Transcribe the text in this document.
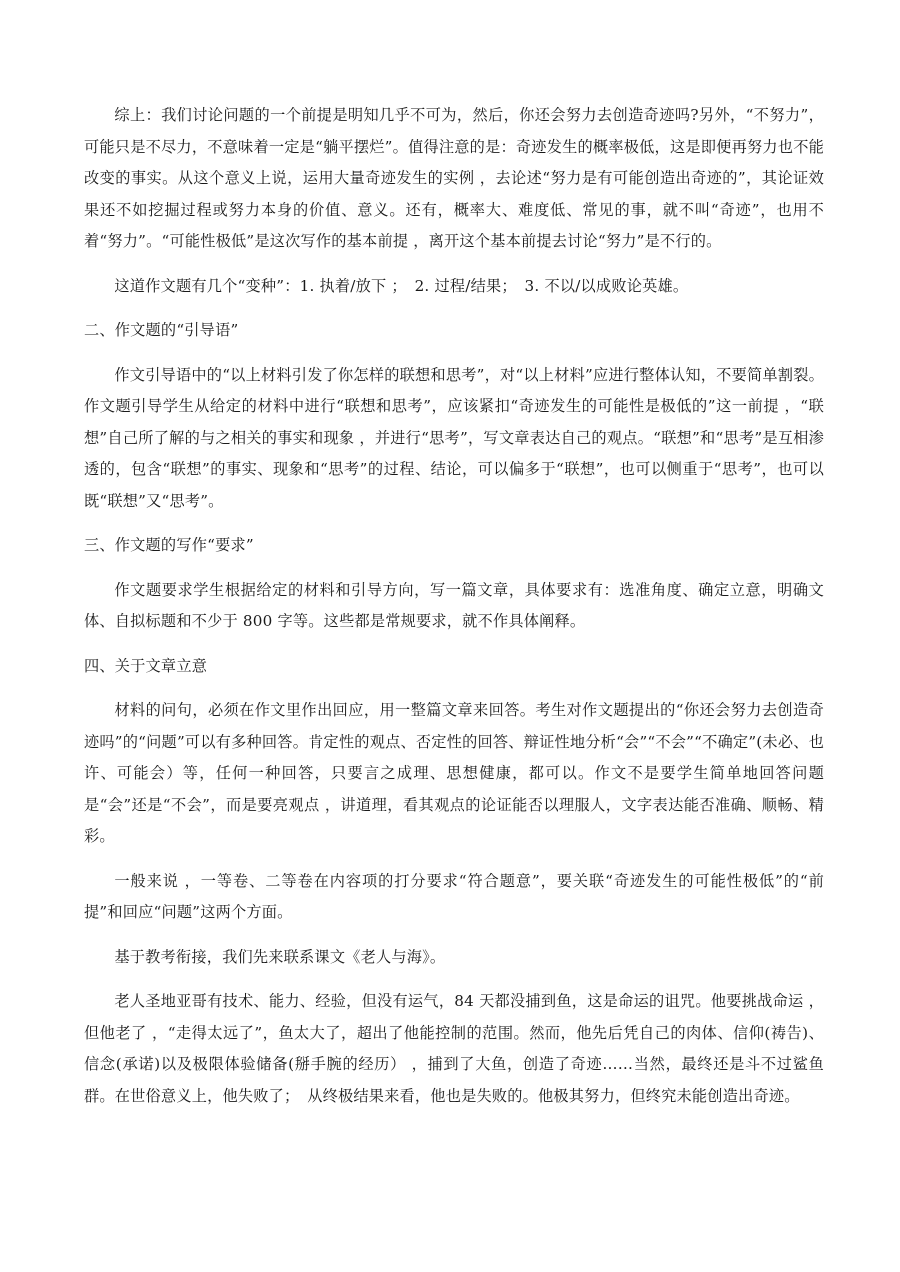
综上：我们讨论问题的一个前提是明知几乎不可为，然后，你还会努力去创造奇迹吗?另外，“不努力”，可能只是不尽力，不意味着一定是“躺平摆烂”。值得注意的是：奇迹发生的概率极低，这是即便再努力也不能改变的事实。从这个意义上说，运用大量奇迹发生的实例 ，去论述“努力是有可能创造出奇迹的”，其论证效果还不如挖掘过程或努力本身的价值、意义。还有，概率大、难度低、常见的事，就不叫“奇迹”，也用不着“努力”。“可能性极低”是这次写作的基本前提 ，离开这个基本前提去讨论“努力”是不行的。

这道作文题有几个“变种”：1. 执着/放下 ；　2. 过程/结果；　3. 不以/以成败论英雄。

二、作文题的“引导语”

作文引导语中的“以上材料引发了你怎样的联想和思考”，对“以上材料”应进行整体认知，不要简单割裂。作文题引导学生从给定的材料中进行“联想和思考”，应该紧扣“奇迹发生的可能性是极低的”这一前提 ，“联想”自己所了解的与之相关的事实和现象 ，并进行“思考”，写文章表达自己的观点。“联想”和“思考”是互相渗透的，包含“联想”的事实、现象和“思考”的过程、结论，可以偏多于“联想”，也可以侧重于“思考”，也可以既“联想”又“思考”。

三、作文题的写作“要求”

作文题要求学生根据给定的材料和引导方向，写一篇文章，具体要求有：选准角度、确定立意，明确文体、自拟标题和不少于 800 字等。这些都是常规要求，就不作具体阐释。

四、关于文章立意

材料的问句，必须在作文里作出回应，用一整篇文章来回答。考生对作文题提出的“你还会努力去创造奇迹吗”的“问题”可以有多种回答。肯定性的观点、否定性的回答、辩证性地分析“会”“不会”“不确定”(未必、也许、可能会）等，任何一种回答，只要言之成理、思想健康，都可以。作文不是要学生简单地回答问题是“会”还是“不会”，而是要亮观点 ，讲道理，看其观点的论证能否以理服人，文字表达能否准确、顺畅、精彩。

一般来说 ，一等卷、二等卷在内容项的打分要求“符合题意”，要关联“奇迹发生的可能性极低”的“前提”和回应“问题”这两个方面。

基于教考衔接，我们先来联系课文《老人与海》。

老人圣地亚哥有技术、能力、经验，但没有运气，84 天都没捕到鱼，这是命运的诅咒。他要挑战命运 ，但他老了 ，“走得太远了”，鱼太大了，超出了他能控制的范围。然而，他先后凭自己的肉体、信仰(祷告)、信念(承诺)以及极限体验储备(掰手腕的经历） ，捕到了大鱼，创造了奇迹……当然，最终还是斗不过鲨鱼群。在世俗意义上，他失败了；　从终极结果来看，他也是失败的。他极其努力，但终究未能创造出奇迹。
